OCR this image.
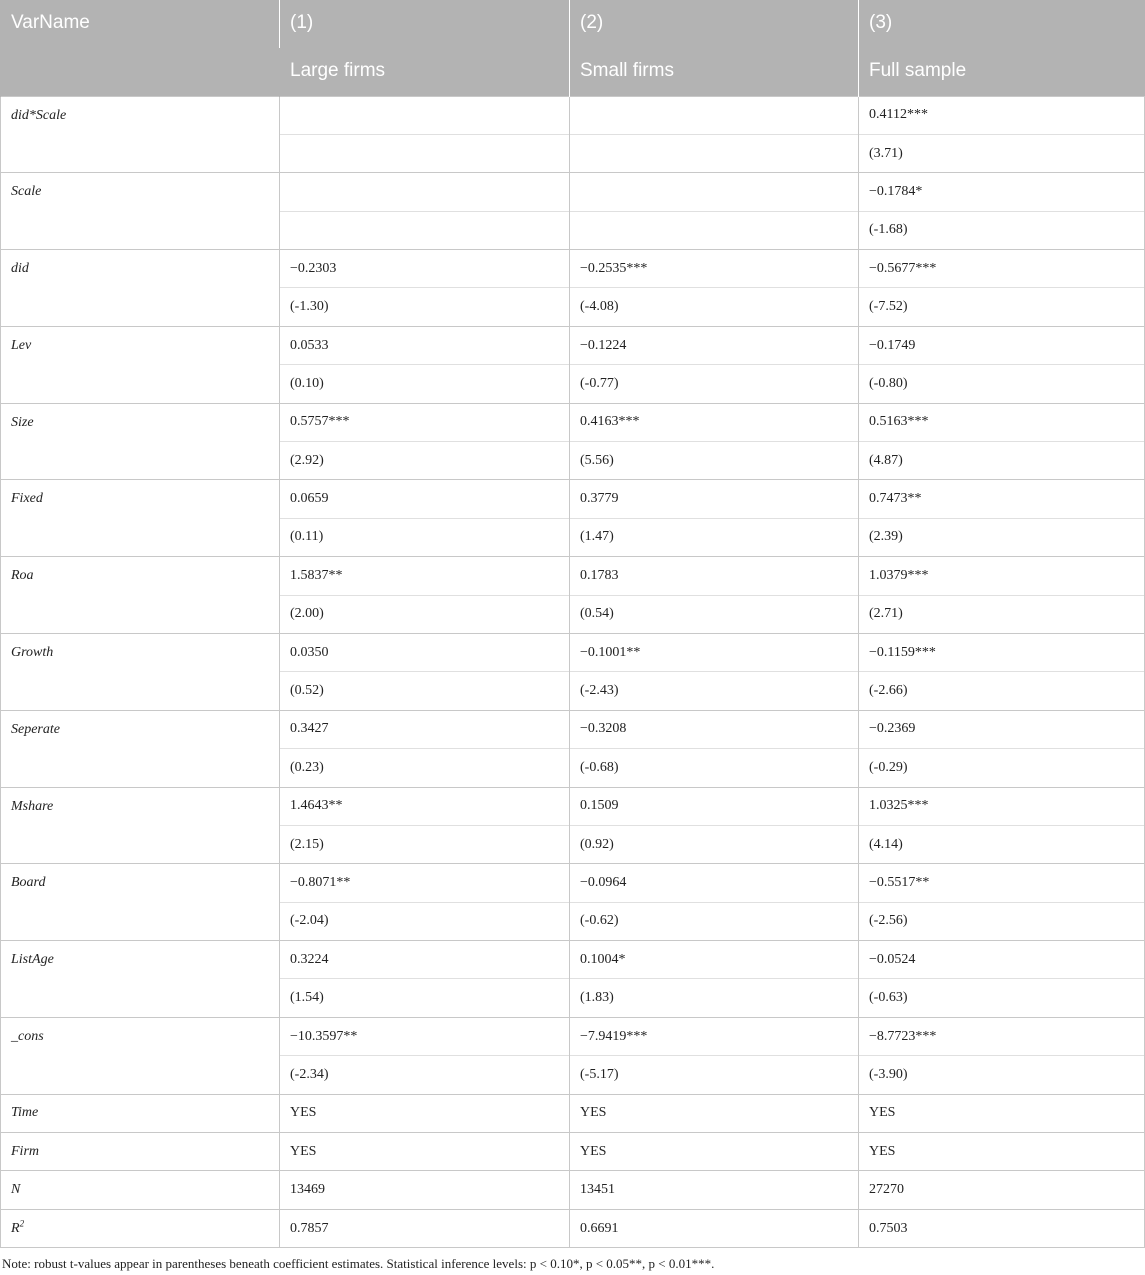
VarName	(1)	(2)	(3)
	Large firms	Small firms	Full sample
did*Scale			0.4112***
			(3.71)
Scale			−0.1784*
			(-1.68)
did	−0.2303	−0.2535***	−0.5677***
	(-1.30)	(-4.08)	(-7.52)
Lev	0.0533	−0.1224	−0.1749
	(0.10)	(-0.77)	(-0.80)
Size	0.5757***	0.4163***	0.5163***
	(2.92)	(5.56)	(4.87)
Fixed	0.0659	0.3779	0.7473**
	(0.11)	(1.47)	(2.39)
Roa	1.5837**	0.1783	1.0379***
	(2.00)	(0.54)	(2.71)
Growth	0.0350	−0.1001**	−0.1159***
	(0.52)	(-2.43)	(-2.66)
Seperate	0.3427	−0.3208	−0.2369
	(0.23)	(-0.68)	(-0.29)
Mshare	1.4643**	0.1509	1.0325***
	(2.15)	(0.92)	(4.14)
Board	−0.8071**	−0.0964	−0.5517**
	(-2.04)	(-0.62)	(-2.56)
ListAge	0.3224	0.1004*	−0.0524
	(1.54)	(1.83)	(-0.63)
_cons	−10.3597**	−7.9419***	−8.7723***
	(-2.34)	(-5.17)	(-3.90)
Time	YES	YES	YES
Firm	YES	YES	YES
N	13469	13451	27270
$R^2$	0.7857	0.6691	0.7503
Note: robust t-values appear in parentheses beneath coefficient estimates. Statistical inference levels: p < 0.10*, p < 0.05**, p < 0.01***.
